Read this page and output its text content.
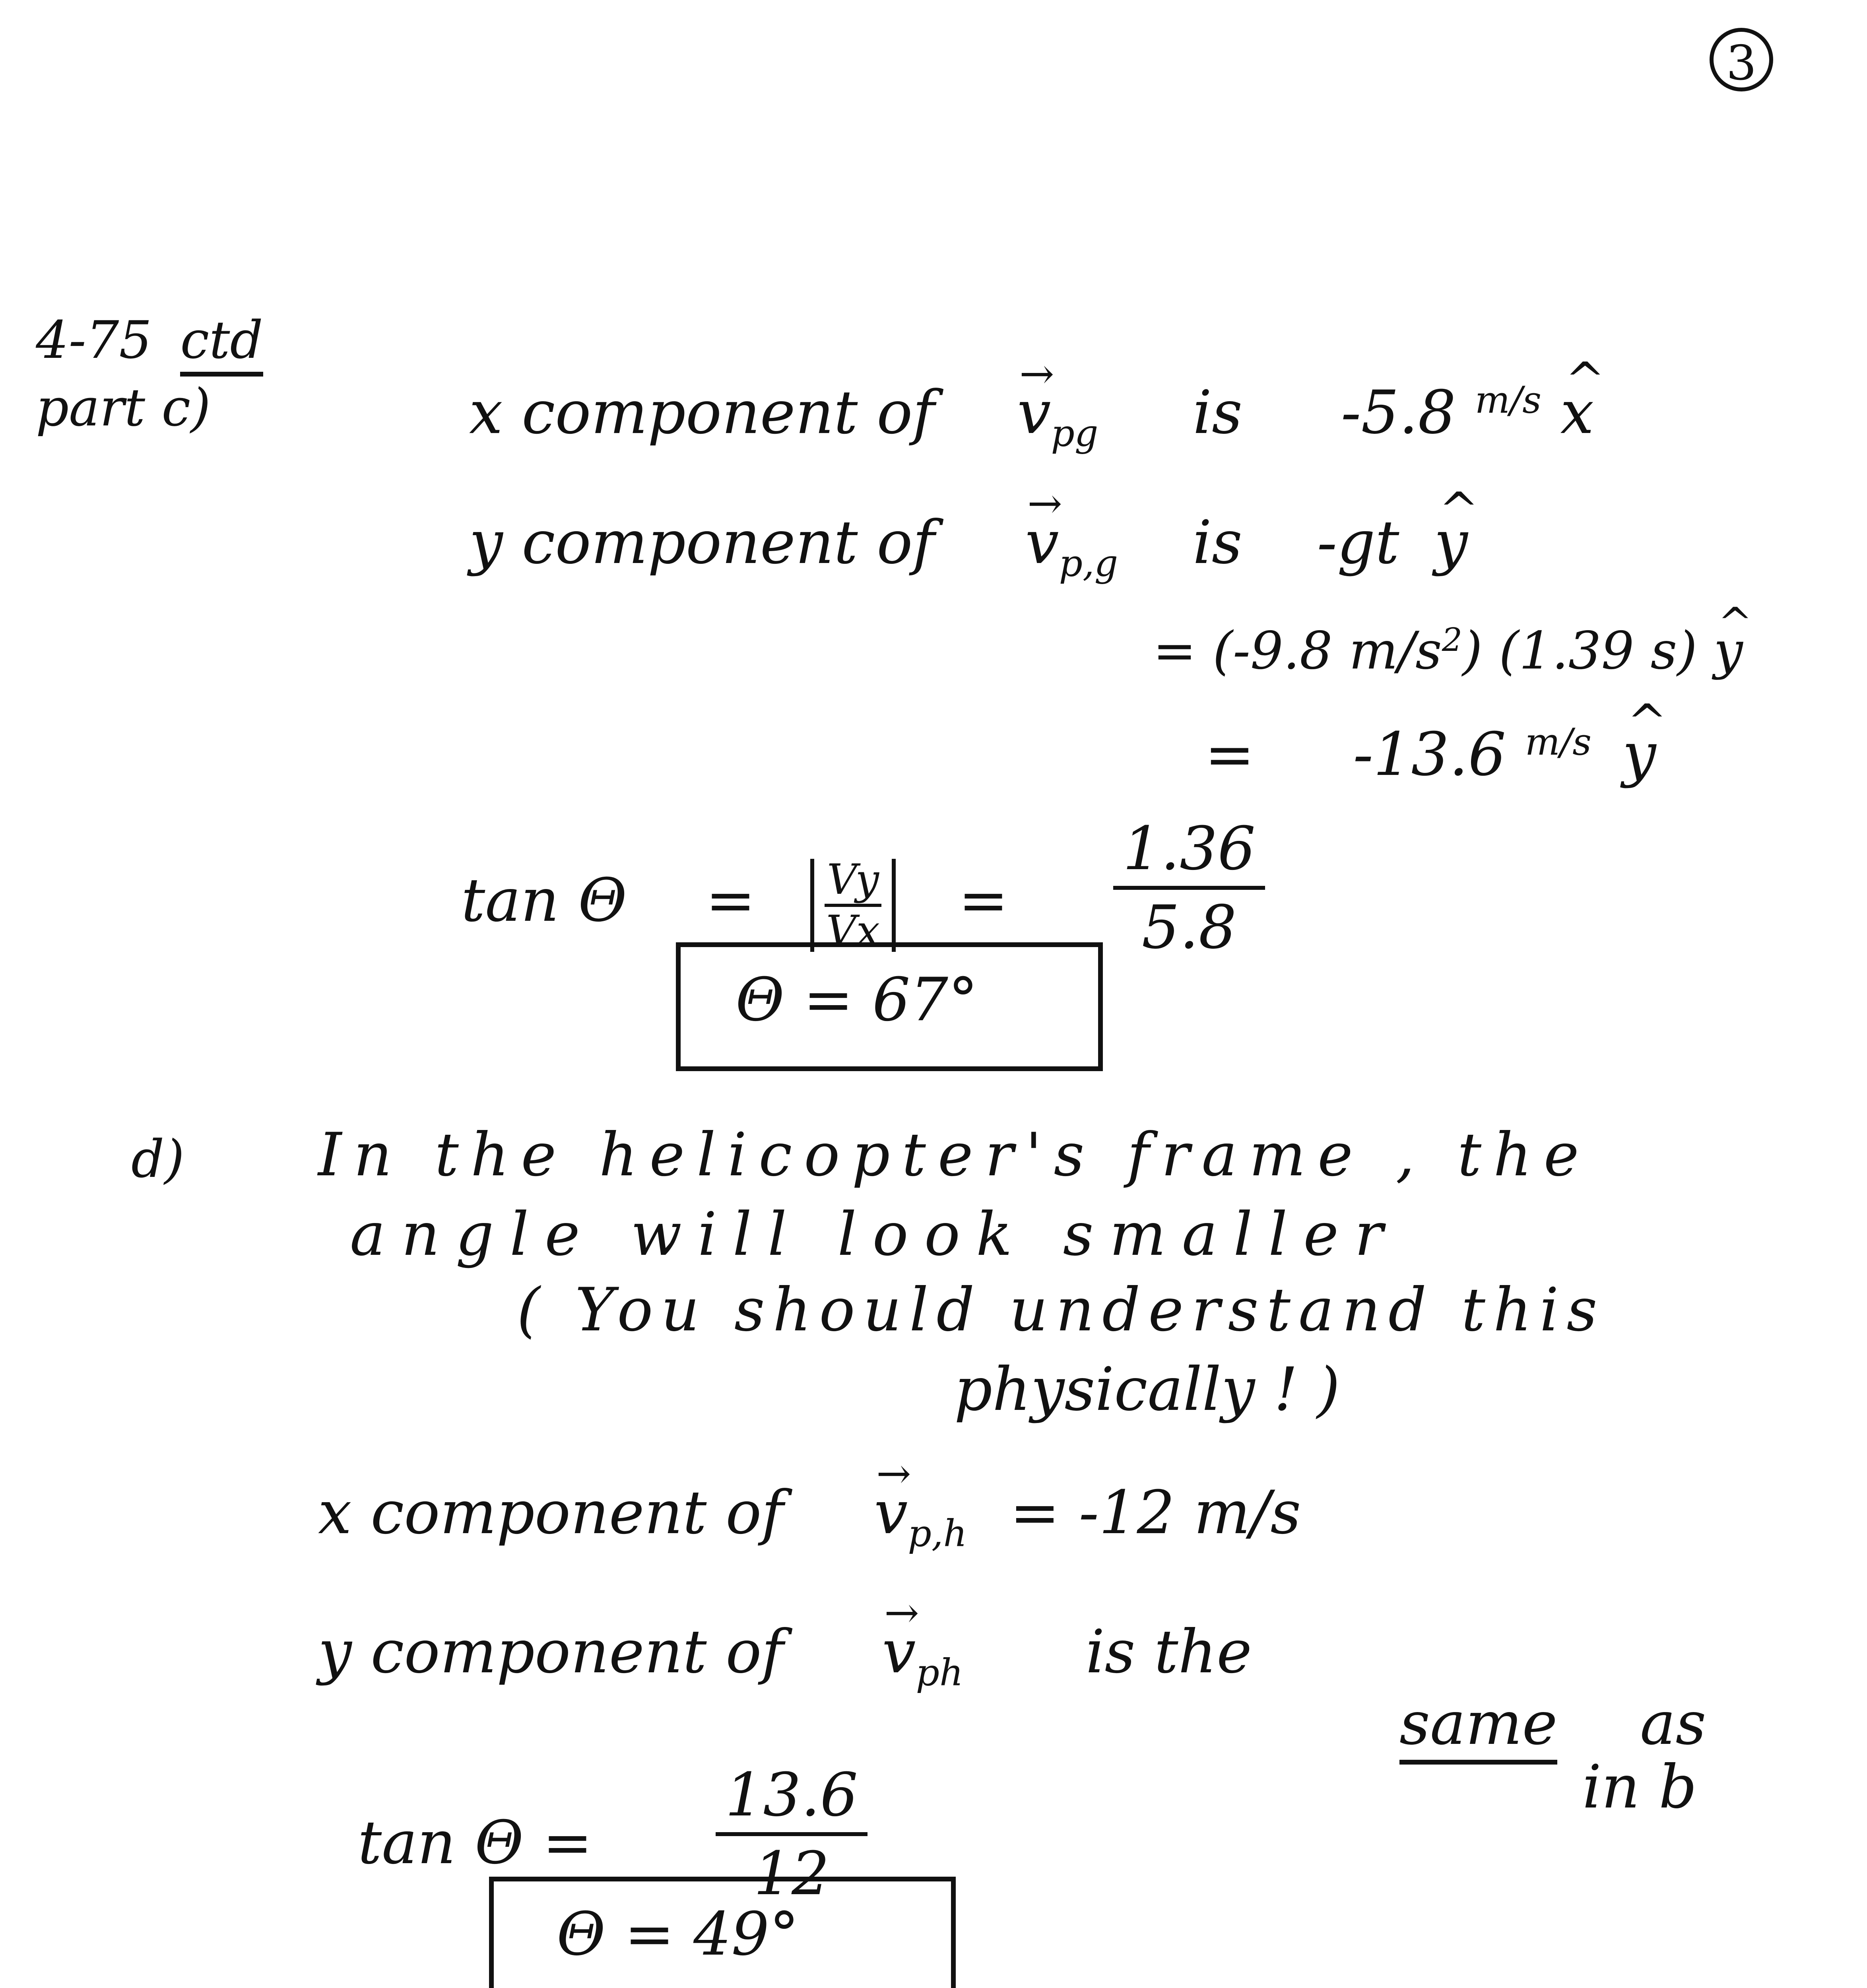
3
4-75 ctd
part c)	x component of → $v_{pg}$ is -5.8 $^{m/s}$ ^ x
y component of → $v_{p,g}$ is -gt ^ y
= (-9.8 $m/s^2$) (1.39 s) ^ y
= -13.6 $^{m/s}$ ^ y
$\tan \Theta = \frac{Vy}{Vx} = \frac{1.36}{5.8}$
Θ = 67°
d) In the helicopter's frame , the
angle will look smaller
( You should understand this
physically ! )
x component of → $v_{p,h} = -12$ m/s
y component of → $v_{ph}$ is the
same as
in b
$\tan \Theta = \frac{13.6}{12}$
Θ = 49°
